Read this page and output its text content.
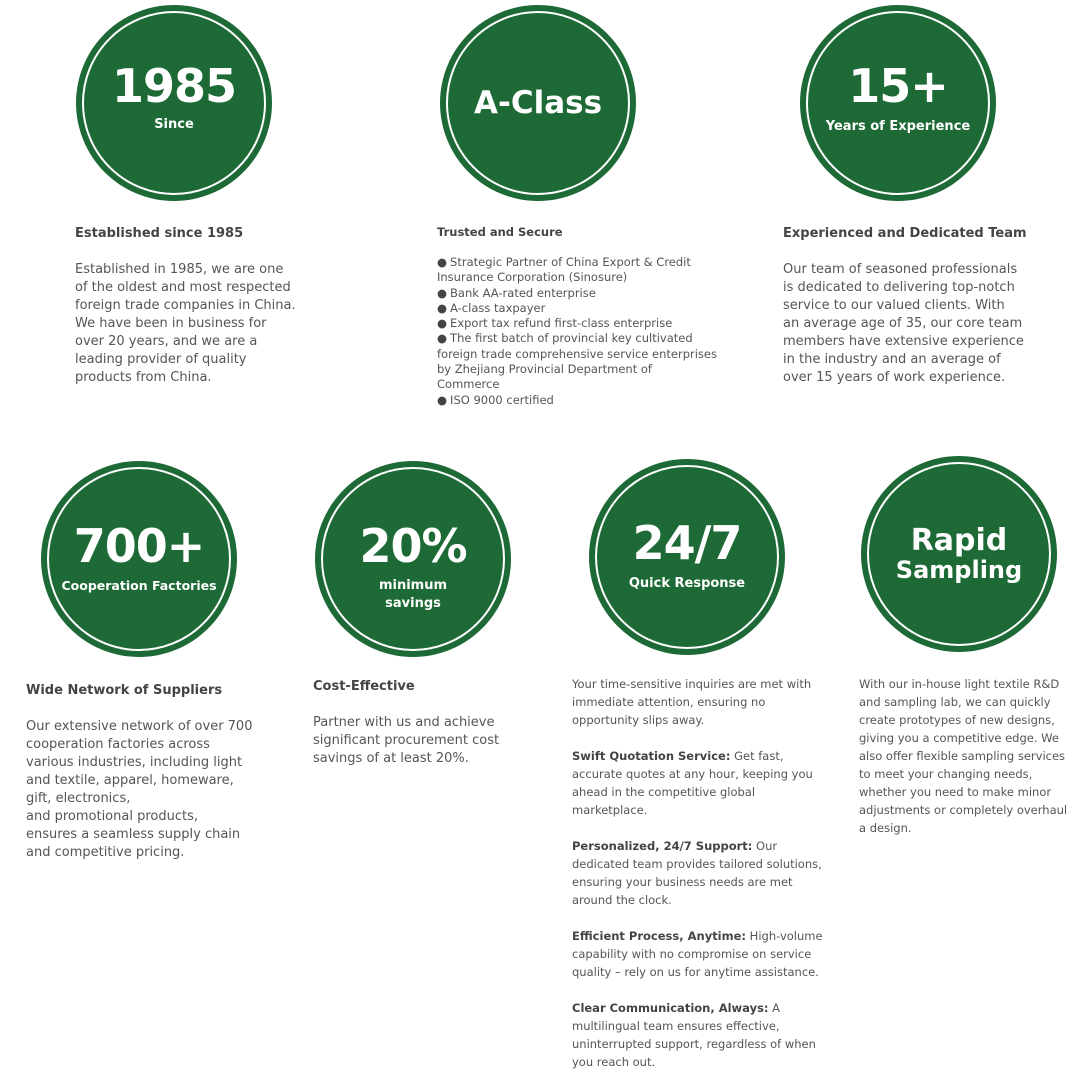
1985
Since
A-Class	15+
Years of Experience
Established since 1985

Established in 1985, we are one
of the oldest and most respected
foreign trade companies in China.
We have been in business for
over 20 years, and we are a
leading provider of quality
products from China.

Trusted and Secure
● Strategic Partner of China Export & Credit Insurance Corporation (Sinosure)
● Bank AA-rated enterprise
● A-class taxpayer
● Export tax refund first-class enterprise
● The first batch of provincial key cultivated foreign trade comprehensive service enterprises by Zhejiang Provincial Department of Commerce
● ISO 9000 certified
Experienced and Dedicated Team

Our team of seasoned professionals
is dedicated to delivering top-notch
service to our valued clients. With
an average age of 35, our core team
members have extensive experience
in the industry and an average of
over 15 years of work experience.

700+
Cooperation Factories
20%
minimum
savings
24/7
Quick Response
Rapid
Sampling
Wide Network of Suppliers

Our extensive network of over 700
cooperation factories across
various industries, including light
and textile, apparel, homeware,
gift, electronics,
and promotional products,
ensures a seamless supply chain
and competitive pricing.

Cost-Effective

Partner with us and achieve
significant procurement cost
savings of at least 20%.

Your time-sensitive inquiries are met with immediate attention, ensuring no opportunity slips away.

Swift Quotation Service: Get fast, accurate quotes at any hour, keeping you ahead in the competitive global marketplace.

Personalized, 24/7 Support: Our dedicated team provides tailored solutions, ensuring your business needs are met around the clock.

Efficient Process, Anytime: High-volume capability with no compromise on service quality – rely on us for anytime assistance.

Clear Communication, Always: A multilingual team ensures effective, uninterrupted support, regardless of when you reach out.

With our in-house light textile R&D
and sampling lab, we can quickly
create prototypes of new designs,
giving you a competitive edge. We
also offer flexible sampling services
to meet your changing needs,
whether you need to make minor
adjustments or completely overhaul
a design.
